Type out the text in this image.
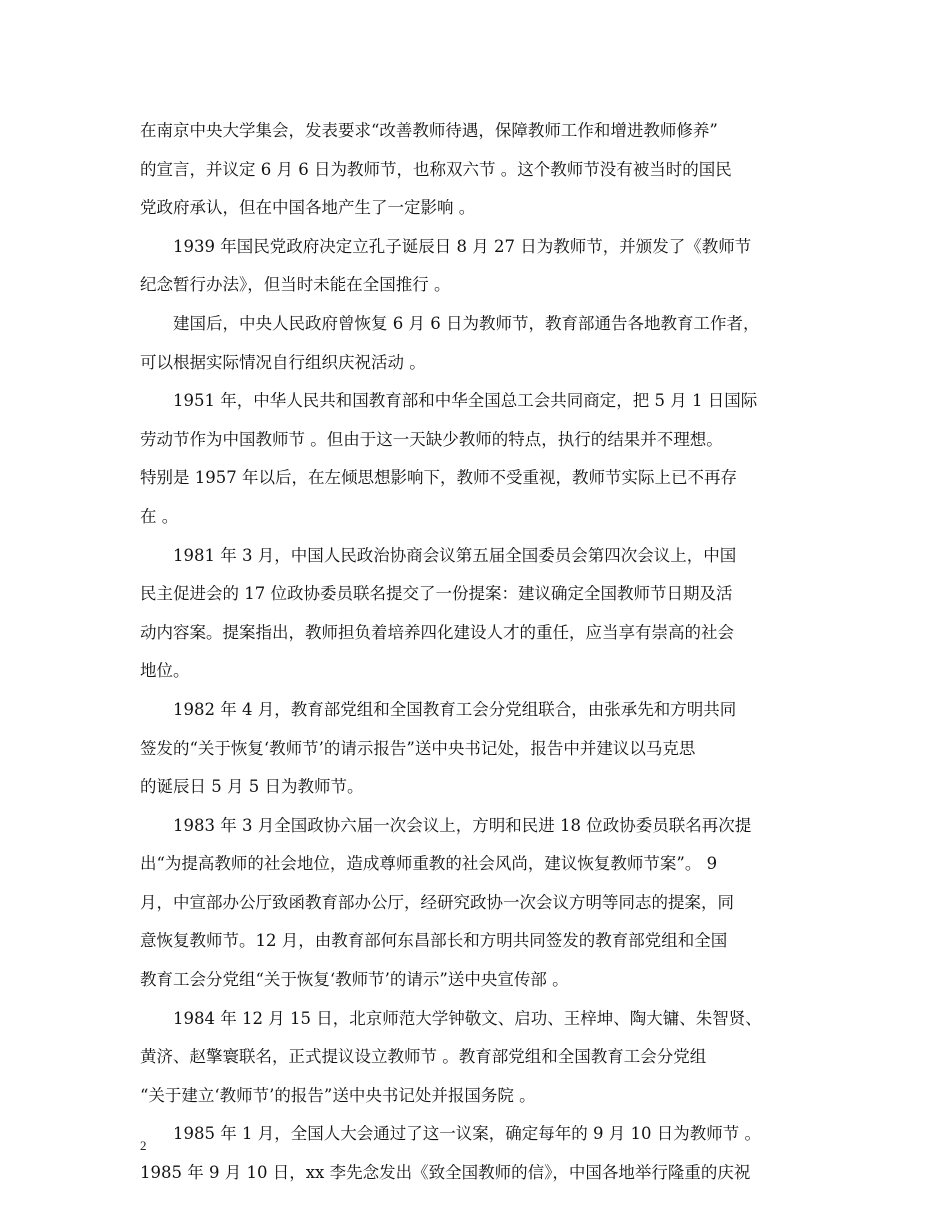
在南京中央大学集会，发表要求“改善教师待遇，保障教师工作和增进教师修养”
的宣言，并议定 6 月 6 日为教师节，也称双六节 。这个教师节没有被当时的国民
党政府承认，但在中国各地产生了一定影响 。
1939 年国民党政府决定立孔子诞辰日 8 月 27 日为教师节，并颁发了《教师节
纪念暂行办法》，但当时未能在全国推行 。
建国后，中央人民政府曾恢复 6 月 6 日为教师节，教育部通告各地教育工作者，
可以根据实际情况自行组织庆祝活动 。
1951 年，中华人民共和国教育部和中华全国总工会共同商定，把 5 月 1 日国际
劳动节作为中国教师节 。但由于这一天缺少教师的特点，执行的结果并不理想。
特别是 1957 年以后，在左倾思想影响下，教师不受重视，教师节实际上已不再存
在 。
1981 年 3 月，中国人民政治协商会议第五届全国委员会第四次会议上，中国
民主促进会的 17 位政协委员联名提交了一份提案：建议确定全国教师节日期及活
动内容案。提案指出，教师担负着培养四化建设人才的重任，应当享有崇高的社会
地位。
1982 年 4 月，教育部党组和全国教育工会分党组联合，由张承先和方明共同
签发的“关于恢复‘教师节’的请示报告”送中央书记处，报告中并建议以马克思
的诞辰日 5 月 5 日为教师节。
1983 年 3 月全国政协六届一次会议上，方明和民进 18 位政协委员联名再次提
出“为提高教师的社会地位，造成尊师重教的社会风尚，建议恢复教师节案”。 9
月，中宣部办公厅致函教育部办公厅，经研究政协一次会议方明等同志的提案，同
意恢复教师节。12 月，由教育部何东昌部长和方明共同签发的教育部党组和全国
教育工会分党组“关于恢复‘教师节’的请示”送中央宣传部 。
1984 年 12 月 15 日，北京师范大学钟敬文、启功、王梓坤、陶大镛、朱智贤、
黄济、赵擎寰联名，正式提议设立教师节 。教育部党组和全国教育工会分党组
“关于建立‘教师节’的报告”送中央书记处并报国务院 。
1985 年 1 月，全国人大会通过了这一议案，确定每年的 9 月 10 日为教师节 。
1985 年 9 月 10 日，xx 李先念发出《致全国教师的信》，中国各地举行隆重的庆祝
2
